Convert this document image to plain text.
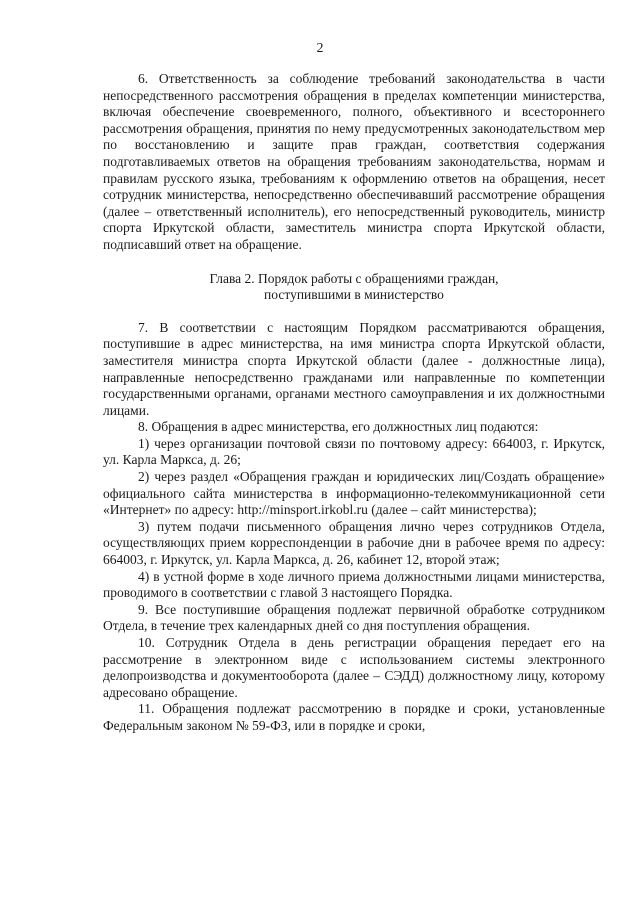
2

6. Ответственность за соблюдение требований законодательства в части непосредственного рассмотрения обращения в пределах компетенции министерства, включая обеспечение своевременного, полного, объективного и всестороннего рассмотрения обращения, принятия по нему предусмотренных законодательством мер по восстановлению и защите прав граждан, соответствия содержания подготавливаемых ответов на обращения требованиям законодательства, нормам и правилам русского языка, требованиям к оформлению ответов на обращения, несет сотрудник министерства, непосредственно обеспечивавший рассмотрение обращения (далее – ответственный исполнитель), его непосредственный руководитель, министр спорта Иркутской области, заместитель министра спорта Иркутской области, подписавший ответ на обращение.

Глава 2. Порядок работы с обращениями граждан,

поступившими в министерство

7. В соответствии с настоящим Порядком рассматриваются обращения, поступившие в адрес министерства, на имя министра спорта Иркутской области, заместителя министра спорта Иркутской области (далее - должностные лица), направленные непосредственно гражданами или направленные по компетенции государственными органами, органами местного самоуправления и их должностными лицами.

8. Обращения в адрес министерства, его должностных лиц подаются:

1) через организации почтовой связи по почтовому адресу: 664003, г. Иркутск, ул. Карла Маркса, д. 26;

2) через раздел «Обращения граждан и юридических лиц/Создать обращение» официального сайта министерства в информационно-телекоммуникационной сети «Интернет» по адресу: http://minsport.irkobl.ru (далее – сайт министерства);

3) путем подачи письменного обращения лично через сотрудников Отдела, осуществляющих прием корреспонденции в рабочие дни в рабочее время по адресу: 664003, г. Иркутск, ул. Карла Маркса, д. 26, кабинет 12, второй этаж;

4) в устной форме в ходе личного приема должностными лицами министерства, проводимого в соответствии с главой 3 настоящего Порядка.

9. Все поступившие обращения подлежат первичной обработке сотрудником Отдела, в течение трех календарных дней со дня поступления обращения.

10. Сотрудник Отдела в день регистрации обращения передает его на рассмотрение в электронном виде с использованием системы электронного делопроизводства и документооборота (далее – СЭДД) должностному лицу, которому адресовано обращение.

11. Обращения подлежат рассмотрению в порядке и сроки, установленные Федеральным законом № 59-ФЗ, или в порядке и сроки,
